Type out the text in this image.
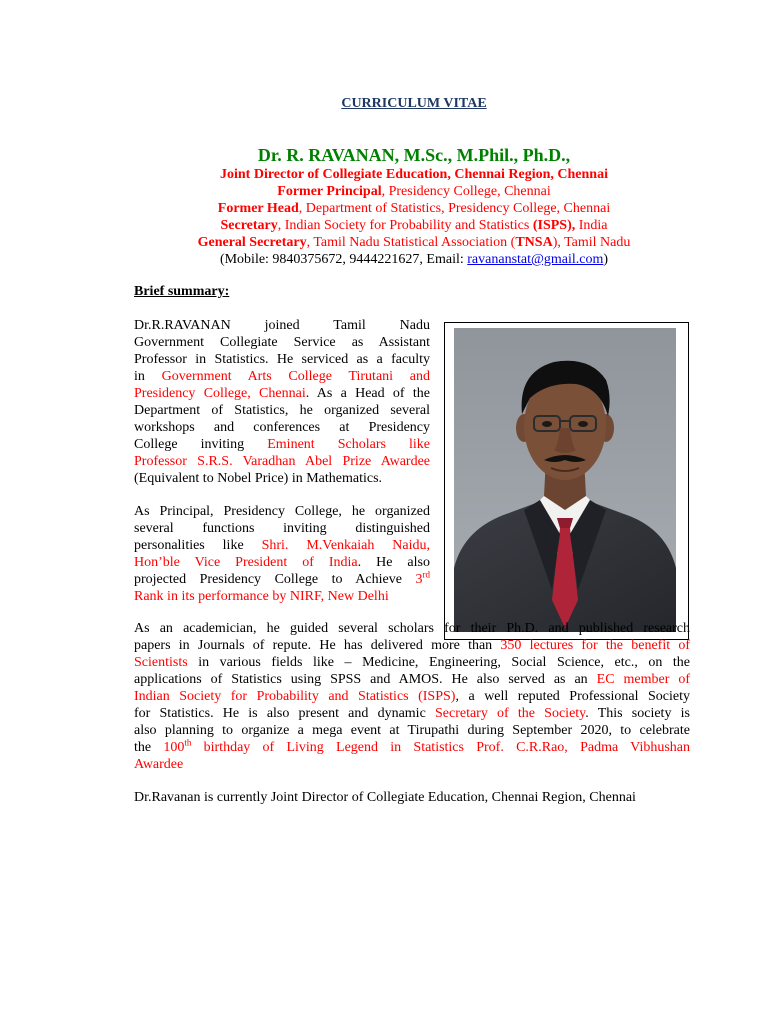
CURRICULUM VITAE
Dr. R. RAVANAN, M.Sc., M.Phil., Ph.D.,
Joint Director of Collegiate Education, Chennai Region, Chennai
Former Principal, Presidency College, Chennai
Former Head, Department of Statistics, Presidency College, Chennai
Secretary, Indian Society for Probability and Statistics (ISPS), India
General Secretary, Tamil Nadu Statistical Association (TNSA), Tamil Nadu
(Mobile: 9840375672, 9444221627, Email: ravananstat@gmail.com)
Brief summary:
Dr.R.RAVANAN joined Tamil Nadu
Government Collegiate Service as Assistant
Professor in Statistics. He serviced as a faculty
in Government Arts College Tirutani and
Presidency College, Chennai. As a Head of the
Department of Statistics, he organized several
workshops and conferences at Presidency
College inviting Eminent Scholars like
Professor S.R.S. Varadhan Abel Prize Awardee
(Equivalent to Nobel Price) in Mathematics.
As Principal, Presidency College, he organized
several functions inviting distinguished
personalities like Shri. M.Venkaiah Naidu,
Hon’ble Vice President of India. He also
projected Presidency College to Achieve 3rd
Rank in its performance by NIRF, New Delhi
As an academician, he guided several scholars for their Ph.D. and published research
papers in Journals of repute. He has delivered more than 350 lectures for the benefit of
Scientists in various fields like – Medicine, Engineering, Social Science, etc., on the
applications of Statistics using SPSS and AMOS. He also served as an EC member of
Indian Society for Probability and Statistics (ISPS), a well reputed Professional Society
for Statistics. He is also present and dynamic Secretary of the Society. This society is
also planning to organize a mega event at Tirupathi during September 2020, to celebrate
the 100th birthday of Living Legend in Statistics Prof. C.R.Rao, Padma Vibhushan
Awardee
Dr.Ravanan is currently Joint Director of Collegiate Education, Chennai Region, Chennai
